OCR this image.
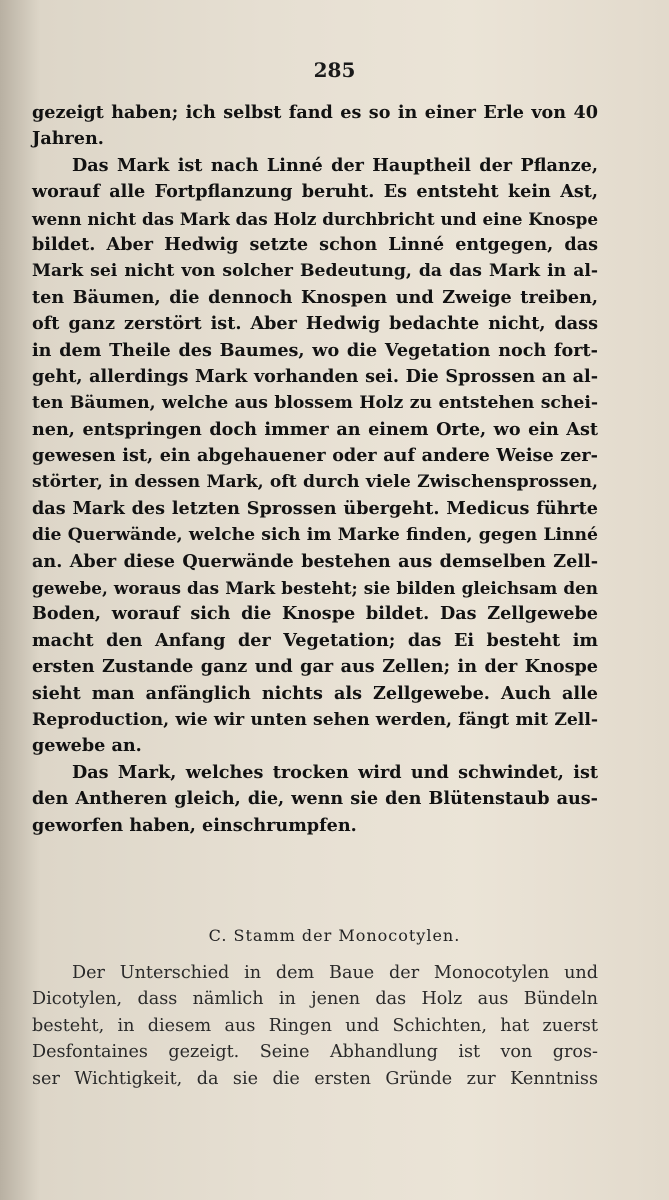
285
gezeigt haben; ich selbst fand es so in einer Erle von 40
Jahren.
Das Mark ist nach Linné der Hauptheil der Pflanze,
worauf alle Fortpflanzung beruht. Es entsteht kein Ast,
wenn nicht das Mark das Holz durchbricht und eine Knospe
bildet. Aber Hedwig setzte schon Linné entgegen, das
Mark sei nicht von solcher Bedeutung, da das Mark in al-
ten Bäumen, die dennoch Knospen und Zweige treiben,
oft ganz zerstört ist. Aber Hedwig bedachte nicht, dass
in dem Theile des Baumes, wo die Vegetation noch fort-
geht, allerdings Mark vorhanden sei. Die Sprossen an al-
ten Bäumen, welche aus blossem Holz zu entstehen schei-
nen, entspringen doch immer an einem Orte, wo ein Ast
gewesen ist, ein abgehauener oder auf andere Weise zer-
störter, in dessen Mark, oft durch viele Zwischensprossen,
das Mark des letzten Sprossen übergeht. Medicus führte
die Querwände, welche sich im Marke finden, gegen Linné
an. Aber diese Querwände bestehen aus demselben Zell-
gewebe, woraus das Mark besteht; sie bilden gleichsam den
Boden, worauf sich die Knospe bildet. Das Zellgewebe
macht den Anfang der Vegetation; das Ei besteht im
ersten Zustande ganz und gar aus Zellen; in der Knospe
sieht man anfänglich nichts als Zellgewebe. Auch alle
Reproduction, wie wir unten sehen werden, fängt mit Zell-
gewebe an.
Das Mark, welches trocken wird und schwindet, ist
den Antheren gleich, die, wenn sie den Blütenstaub aus-
geworfen haben, einschrumpfen.
C. Stamm der Monocotylen.
Der Unterschied in dem Baue der Monocotylen und
Dicotylen, dass nämlich in jenen das Holz aus Bündeln
besteht, in diesem aus Ringen und Schichten, hat zuerst
Desfontaines gezeigt. Seine Abhandlung ist von gros-
ser Wichtigkeit, da sie die ersten Gründe zur Kenntniss
